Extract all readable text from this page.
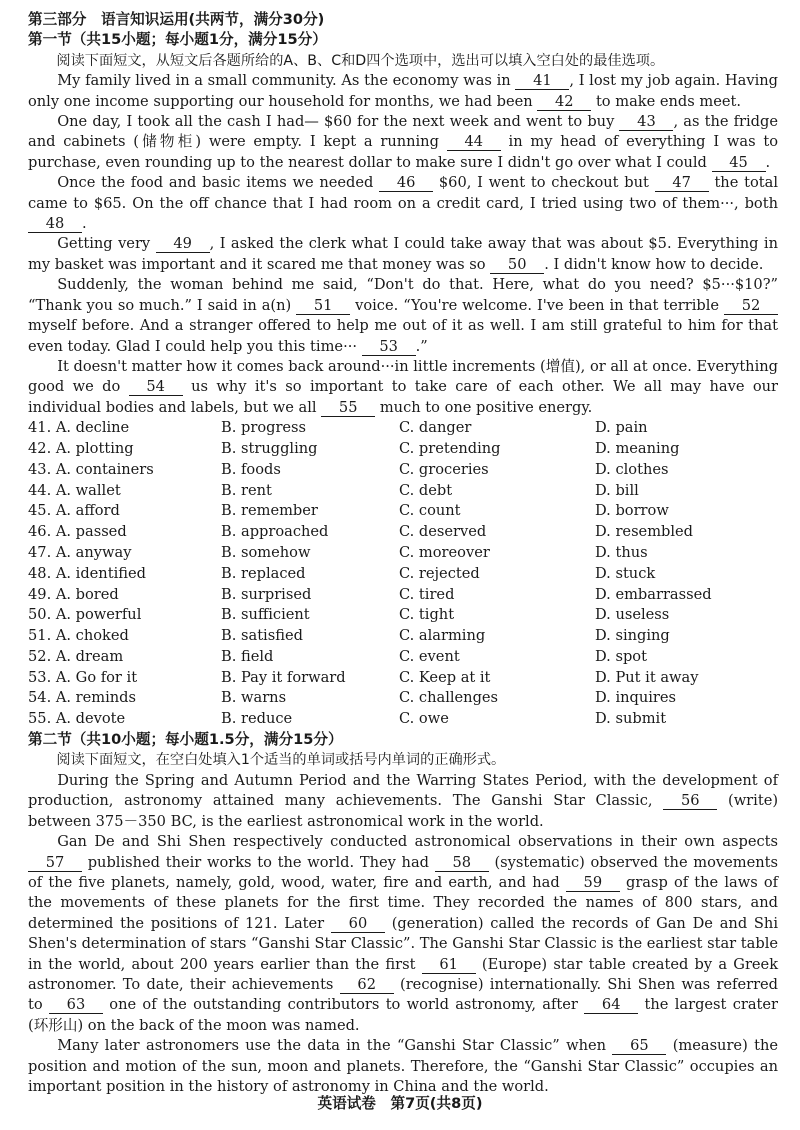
第三部分　语言知识运用(共两节，满分30分)
第一节（共15小题；每小题1分，满分15分）

阅读下面短文，从短文后各题所给的A、B、C和D四个选项中，选出可以填入空白处的最佳选项。

My family lived in a small community. As the economy was in 41 , I lost my job again. Having only one income supporting our household for months, we had been 42 to make ends meet.

One day, I took all the cash I had— $60 for the next week and went to buy 43 , as the fridge and cabinets (储物柜) were empty. I kept a running 44 in my head of everything I was to purchase, even rounding up to the nearest dollar to make sure I didn't go over what I could 45 .

Once the food and basic items we needed 46 $60, I went to checkout but 47 the total came to $65. On the off chance that I had room on a credit card, I tried using two of them···, both 48 .

Getting very 49 , I asked the clerk what I could take away that was about $5. Everything in my basket was important and it scared me that money was so 50 . I didn't know how to decide.

Suddenly, the woman behind me said, “Don't do that. Here, what do you need? $5···$10?” “Thank you so much.” I said in a(n) 51 voice. “You're welcome. I've been in that terrible 52 myself before. And a stranger offered to help me out of it as well. I am still grateful to him for that even today. Glad I could help you this time··· 53 .”

It doesn't matter how it comes back around···in little increments (增值), or all at once. Everything good we do 54 us why it's so important to take care of each other. We all may have our individual bodies and labels, but we all 55 much to one positive energy.

41. A. decline	B. progress	C. danger	D. pain
42. A. plotting	B. struggling	C. pretending	D. meaning
43. A. containers	B. foods	C. groceries	D. clothes
44. A. wallet	B. rent	C. debt	D. bill
45. A. afford	B. remember	C. count	D. borrow
46. A. passed	B. approached	C. deserved	D. resembled
47. A. anyway	B. somehow	C. moreover	D. thus
48. A. identified	B. replaced	C. rejected	D. stuck
49. A. bored	B. surprised	C. tired	D. embarrassed
50. A. powerful	B. sufficient	C. tight	D. useless
51. A. choked	B. satisfied	C. alarming	D. singing
52. A. dream	B. field	C. event	D. spot
53. A. Go for it	B. Pay it forward	C. Keep at it	D. Put it away
54. A. reminds	B. warns	C. challenges	D. inquires
55. A. devote	B. reduce	C. owe	D. submit
第二节（共10小题；每小题1.5分，满分15分）

阅读下面短文，在空白处填入1个适当的单词或括号内单词的正确形式。

During the Spring and Autumn Period and the Warring States Period, with the development of production, astronomy attained many achievements. The Ganshi Star Classic, 56 (write) between 375－350 BC, is the earliest astronomical work in the world.

Gan De and Shi Shen respectively conducted astronomical observations in their own aspects 57 published their works to the world. They had 58 (systematic) observed the movements of the five planets, namely, gold, wood, water, fire and earth, and had 59 grasp of the laws of the movements of these planets for the first time. They recorded the names of 800 stars, and determined the positions of 121. Later 60 (generation) called the records of Gan De and Shi Shen's determination of stars “Ganshi Star Classic”. The Ganshi Star Classic is the earliest star table in the world, about 200 years earlier than the first 61 (Europe) star table created by a Greek astronomer. To date, their achievements 62 (recognise) internationally. Shi Shen was referred to 63 one of the outstanding contributors to world astronomy, after 64 the largest crater (环形山) on the back of the moon was named.

Many later astronomers use the data in the “Ganshi Star Classic” when 65 (measure) the position and motion of the sun, moon and planets. Therefore, the “Ganshi Star Classic” occupies an important position in the history of astronomy in China and the world.

英语试卷　第7页(共8页)
